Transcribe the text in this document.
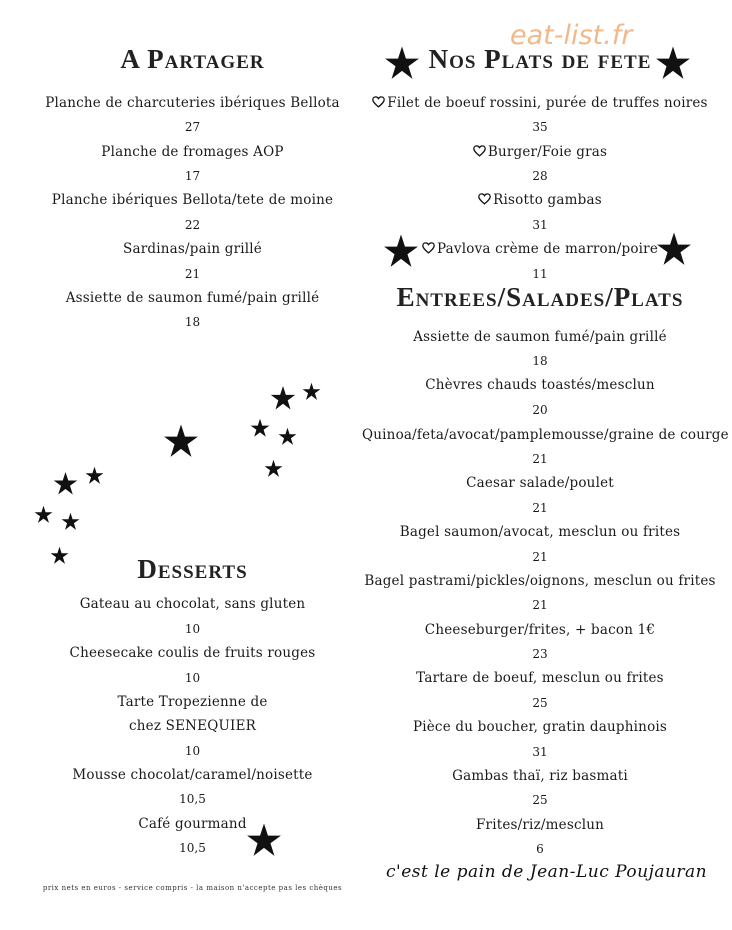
eat-list.fr
A Partager
Planche de charcuteries ibériques Bellota
27
Planche de fromages AOP
17
Planche ibériques Bellota/tete de moine
22
Sardinas/pain grillé
21
Assiette de saumon fumé/pain grillé
18
Desserts
Gateau au chocolat, sans gluten
10
Cheesecake coulis de fruits rouges
10
Tarte Tropezienne de
chez SENEQUIER
10
Mousse chocolat/caramel/noisette
10,5
Café gourmand
10,5
prix nets en euros - service compris - la maison n'accepte pas les chèques
Nos Plats de fete
Filet de boeuf rossini, purée de truffes noires
35
Burger/Foie gras
28
Risotto gambas
31
Pavlova crème de marron/poire
11
Entrees/Salades/Plats
Assiette de saumon fumé/pain grillé
18
Chèvres chauds toastés/mesclun
20
Quinoa/feta/avocat/pamplemousse/graine de courge
21
Caesar salade/poulet
21
Bagel saumon/avocat, mesclun ou frites
21
Bagel pastrami/pickles/oignons, mesclun ou frites
21
Cheeseburger/frites, + bacon 1€
23
Tartare de boeuf, mesclun ou frites
25
Pièce du boucher, gratin dauphinois
31
Gambas thaï, riz basmati
25
Frites/riz/mesclun
6
c'est le pain de Jean-Luc Poujauran
